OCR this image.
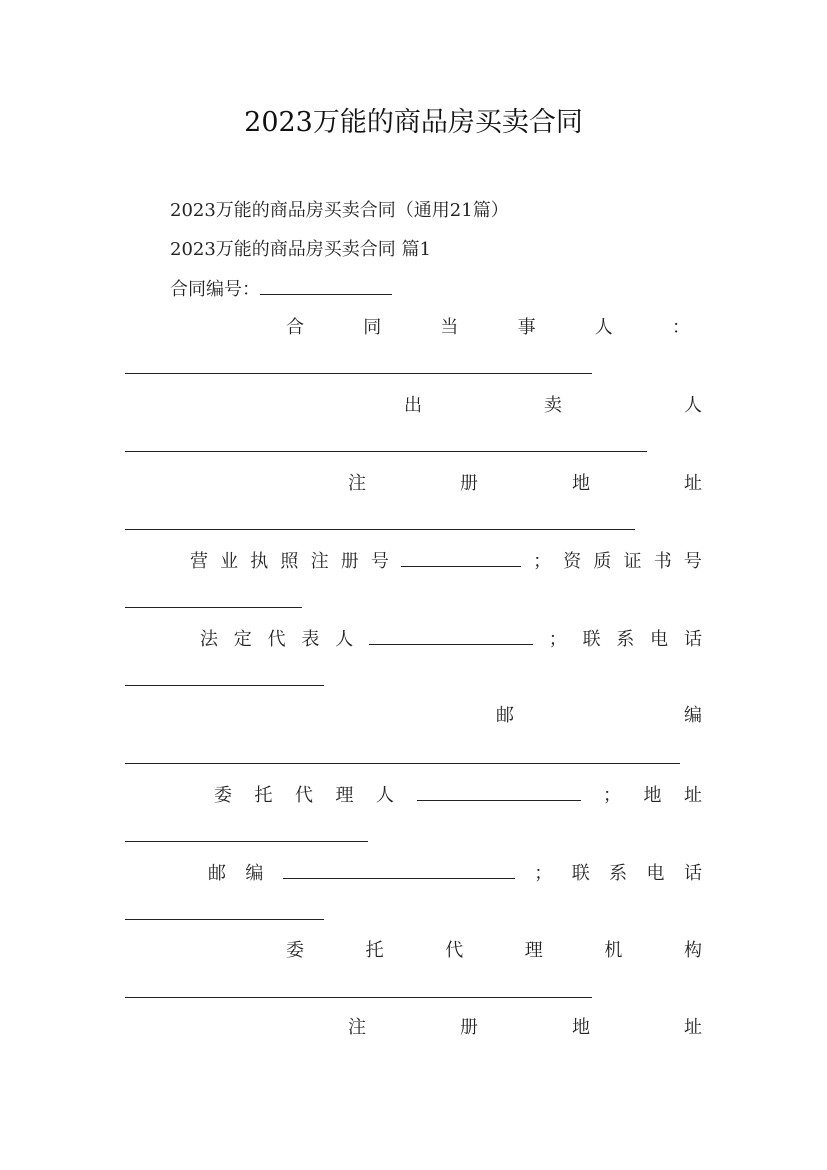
2023万能的商品房买卖合同
2023万能的商品房买卖合同（通用21篇）
2023万能的商品房买卖合同 篇1
合同编号：
合	同	当	事	人	：
出	卖	人
注	册	地	址
营 业 执 照 注 册 号	； 资 质 证 书 号
法 定 代 表 人	； 联 系 电 话
邮	编
委 托 代 理 人	； 地 址
邮 编	； 联 系 电 话
委	托	代	理	机	构
注	册	地	址
